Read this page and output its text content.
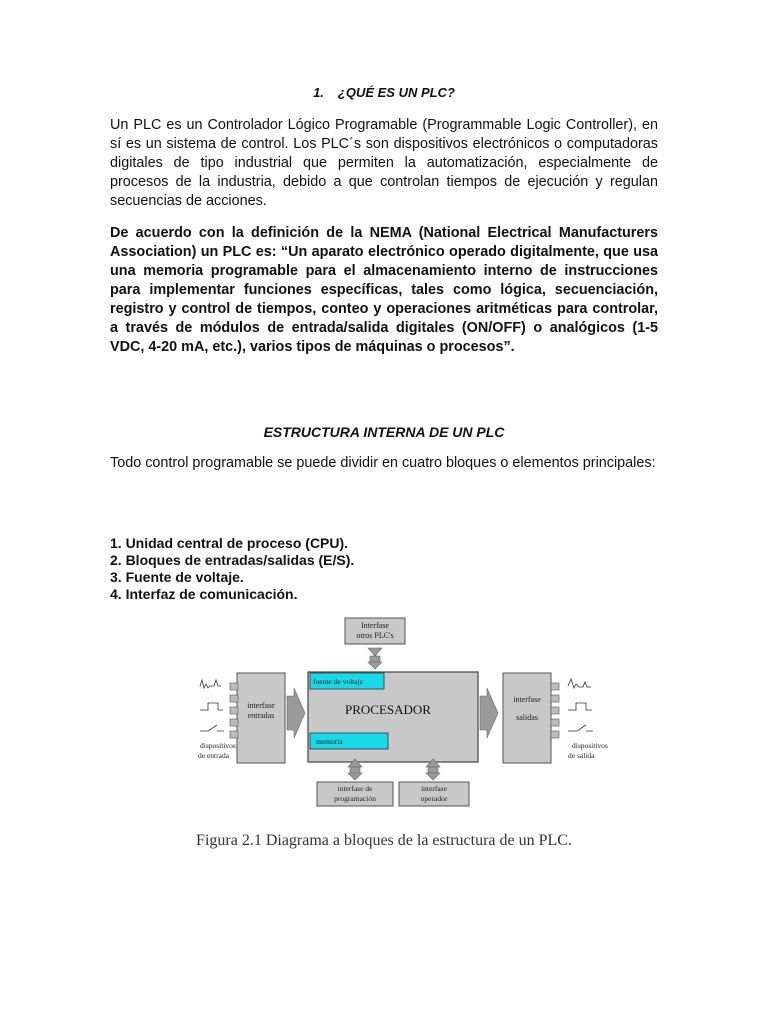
1. ¿QUÉ ES UN PLC?
Un PLC es un Controlador Lógico Programable (Programmable Logic Controller), en sí es un sistema de control. Los PLC´s son dispositivos electrónicos o computadoras digitales de tipo industrial que permiten la automatización, especialmente de procesos de la industria, debido a que controlan tiempos de ejecución y regulan secuencias de acciones.
De acuerdo con la definición de la NEMA (National Electrical Manufacturers Association) un PLC es: “Un aparato electrónico operado digitalmente, que usa una memoria programable para el almacenamiento interno de instrucciones para implementar funciones específicas, tales como lógica, secuenciación, registro y control de tiempos, conteo y operaciones aritméticas para controlar, a través de módulos de entrada/salida digitales (ON/OFF) o analógicos (1-5 VDC, 4-20 mA, etc.), varios tipos de máquinas o procesos”.
ESTRUCTURA INTERNA DE UN PLC
Todo control programable se puede dividir en cuatro bloques o elementos principales:
1. Unidad central de proceso (CPU).
2. Bloques de entradas/salidas (E/S).
3. Fuente de voltaje.
4. Interfaz de comunicación.
Interfase
otros PLC's
fuente de voltaje
PROCESADOR
memoria
interfase
entradas
interfase
salidas
dispositivos
de entrada
dispositivos
de salida
interfase de
programación
interfase
operador
Figura 2.1 Diagrama a bloques de la estructura de un PLC.
